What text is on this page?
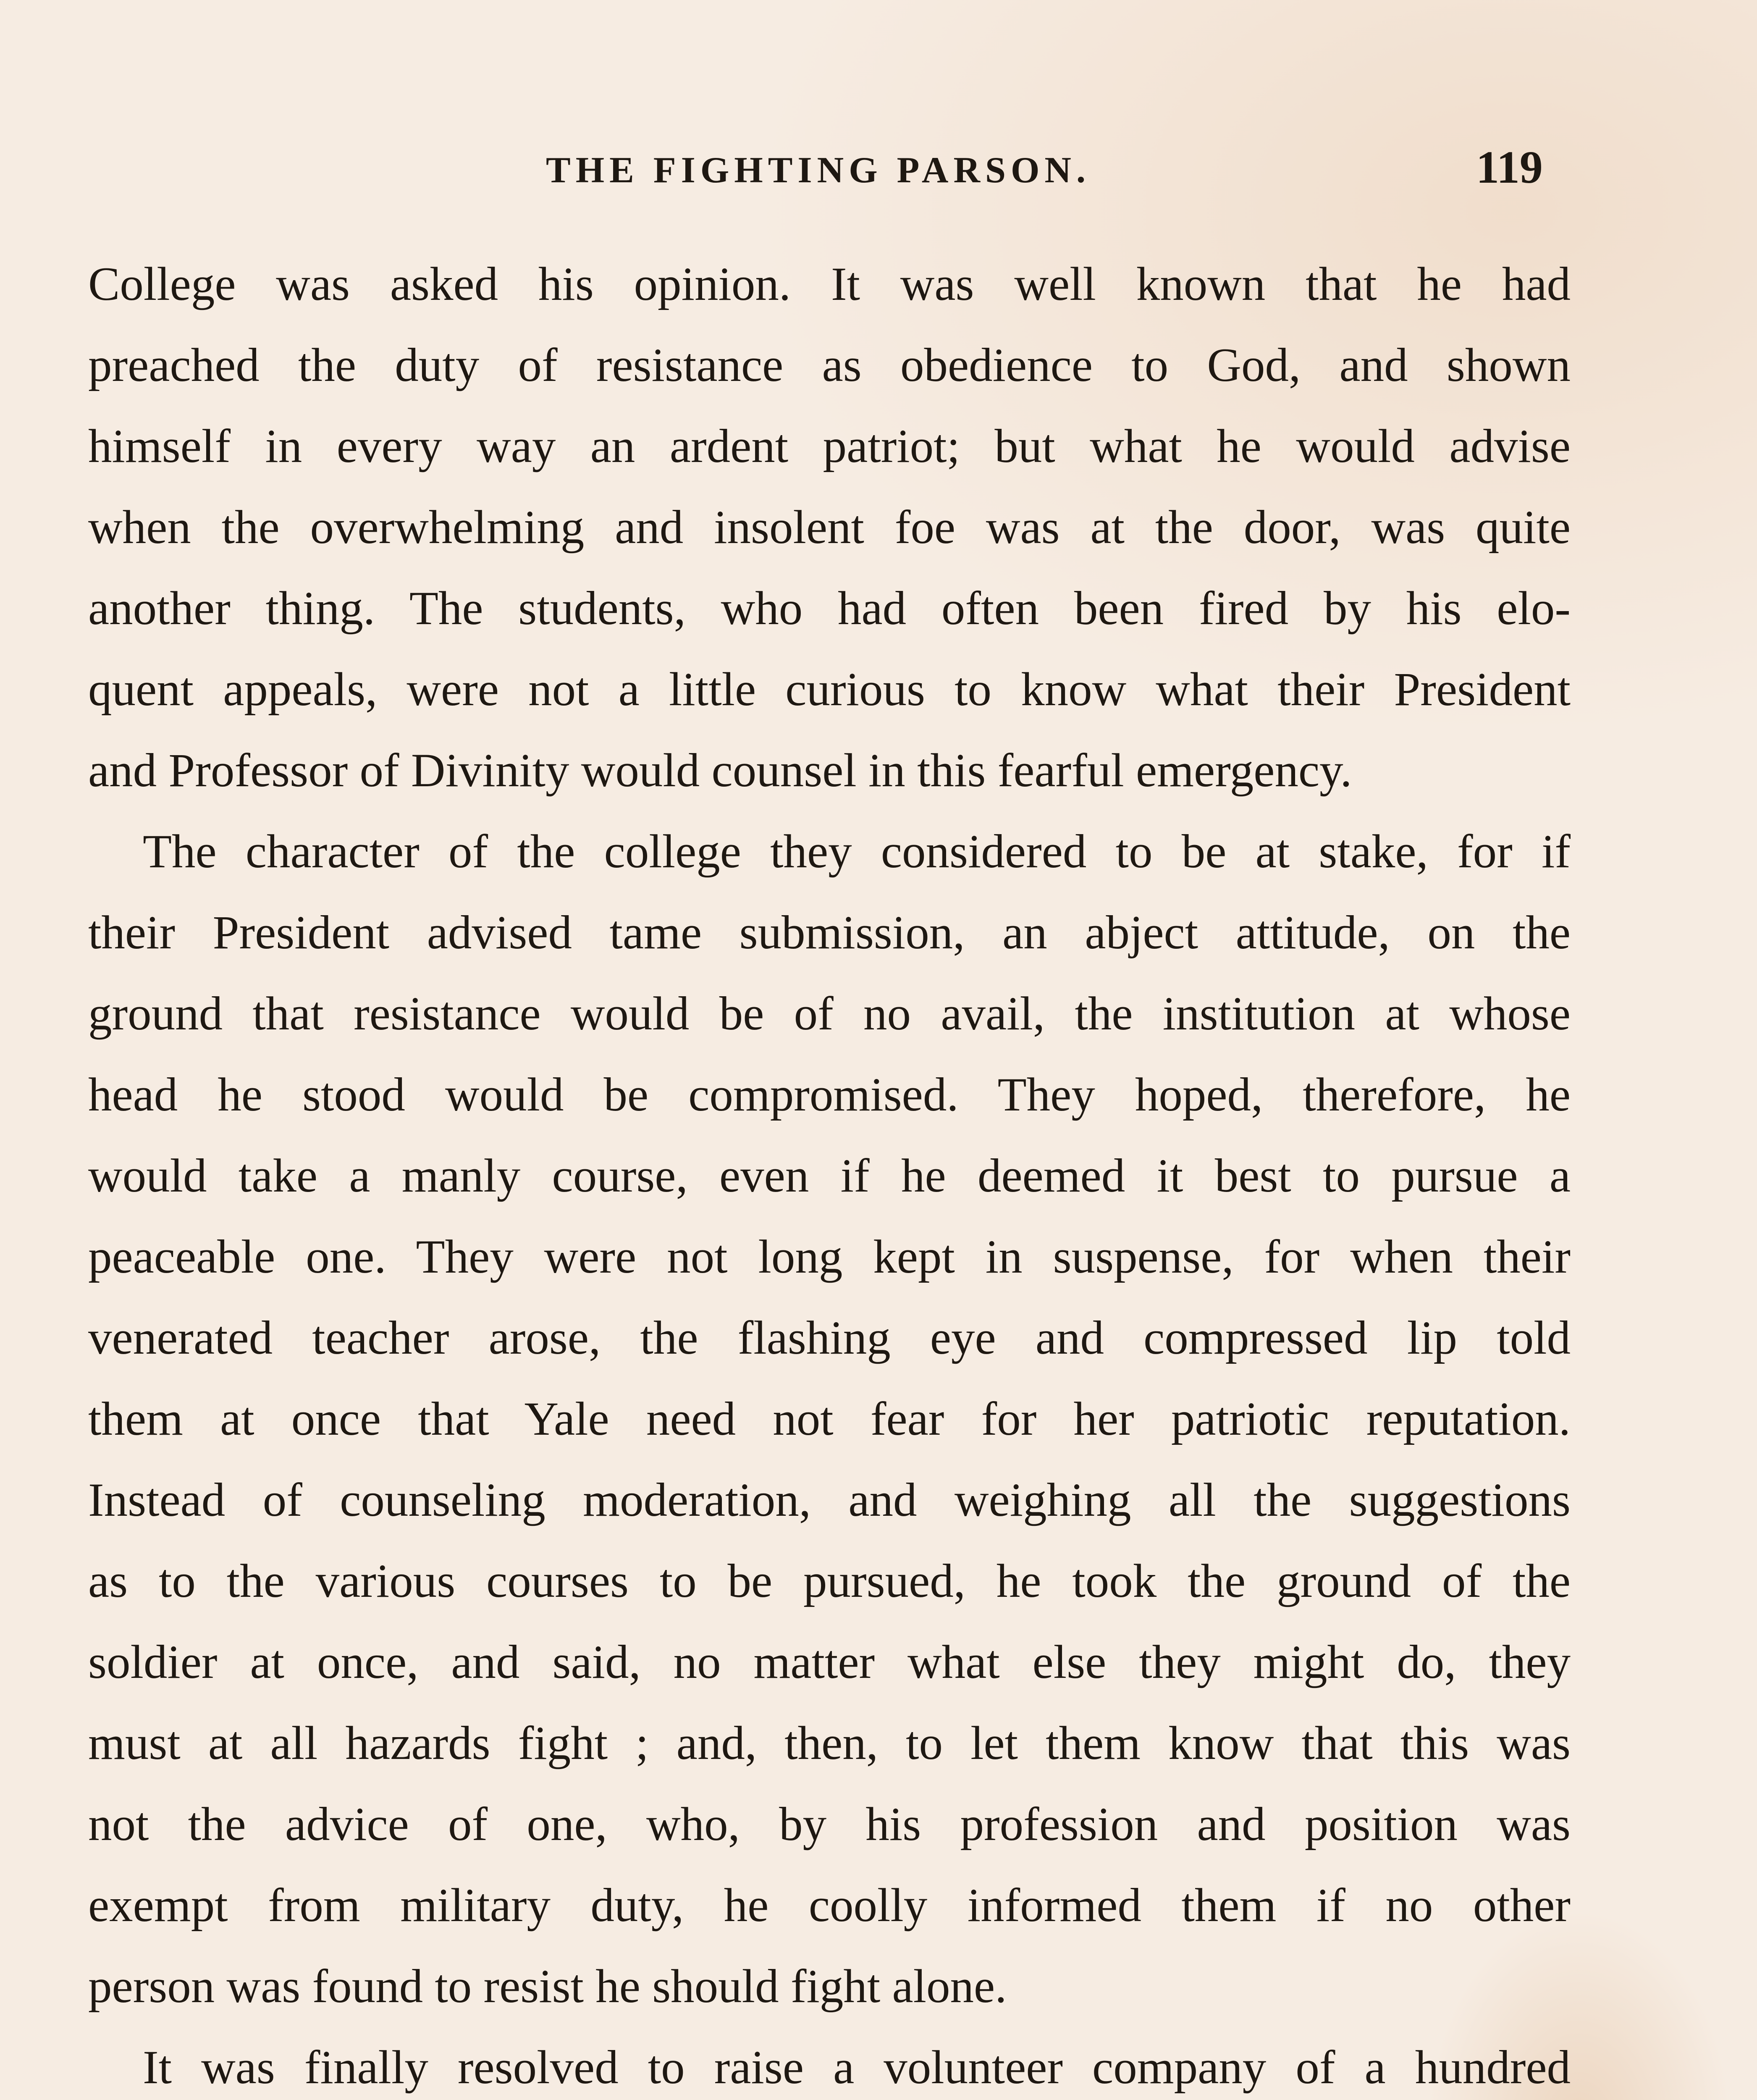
THE FIGHTING PARSON.	119
College was asked his opinion. It was well known that he had
preached the duty of resistance as obedience to God, and shown
himself in every way an ardent patriot; but what he would advise
when the overwhelming and insolent foe was at the door, was quite
another thing. The students, who had often been fired by his elo-
quent appeals, were not a little curious to know what their President
and Professor of Divinity would counsel in this fearful emergency.
The character of the college they considered to be at stake, for if
their President advised tame submission, an abject attitude, on the
ground that resistance would be of no avail, the institution at whose
head he stood would be compromised. They hoped, therefore, he
would take a manly course, even if he deemed it best to pursue a
peaceable one. They were not long kept in suspense, for when their
venerated teacher arose, the flashing eye and compressed lip told
them at once that Yale need not fear for her patriotic reputation.
Instead of counseling moderation, and weighing all the suggestions
as to the various courses to be pursued, he took the ground of the
soldier at once, and said, no matter what else they might do, they
must at all hazards fight ; and, then, to let them know that this was
not the advice of one, who, by his profession and position was
exempt from military duty, he coolly informed them if no other
person was found to resist he should fight alone.
It was finally resolved to raise a volunteer company of a hundred
